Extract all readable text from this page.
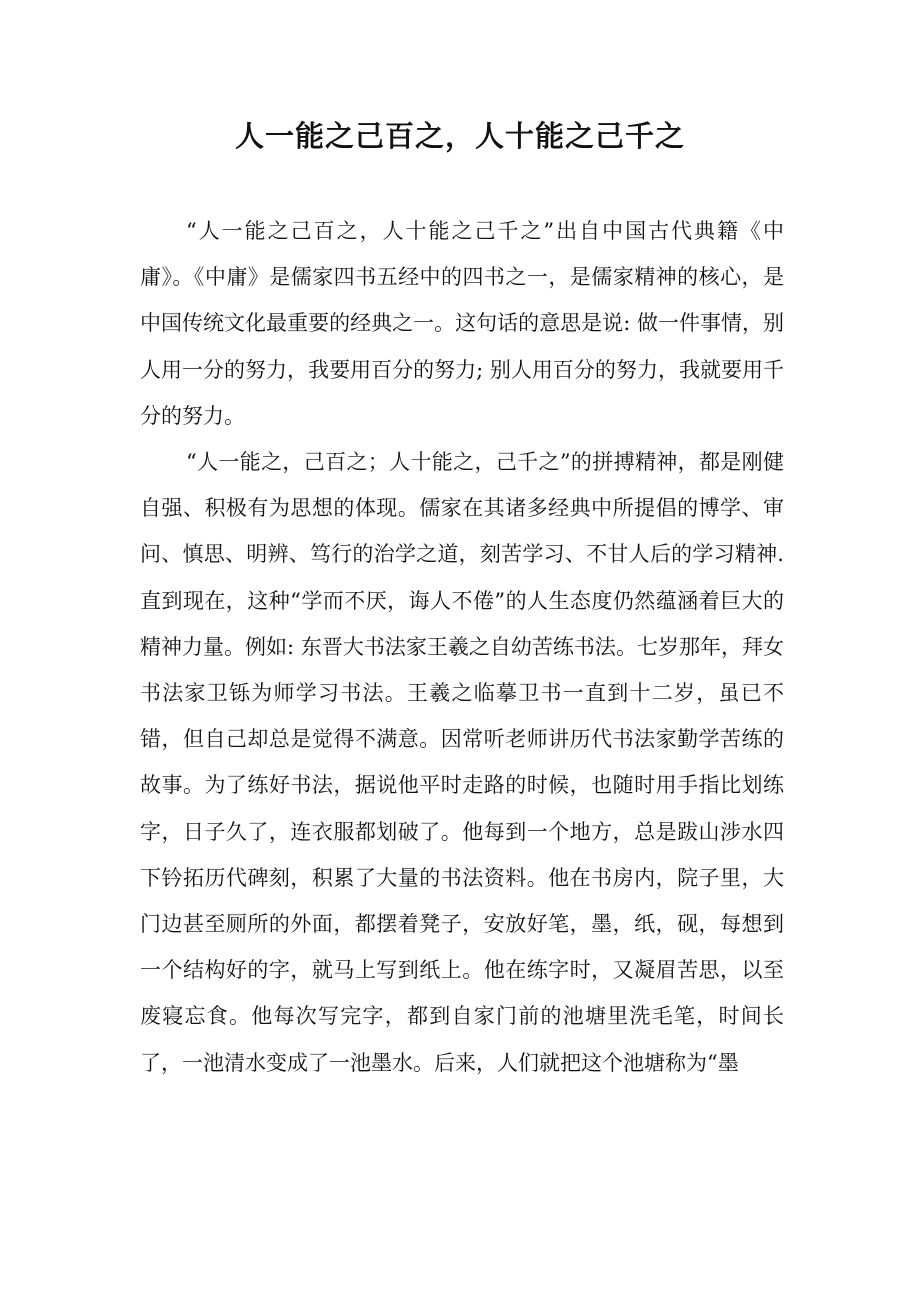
人一能之己百之，人十能之己千之

“人一能之己百之，人十能之己千之”出自中国古代典籍《中庸》。《中庸》是儒家四书五经中的四书之一，是儒家精神的核心，是中国传统文化最重要的经典之一。这句话的意思是说: 做一件事情，别人用一分的努力，我要用百分的努力; 别人用百分的努力，我就要用千分的努力。

“人一能之，己百之；人十能之，己千之”的拼搏精神，都是刚健自强、积极有为思想的体现。儒家在其诸多经典中所提倡的博学、审问、慎思、明辨、笃行的治学之道，刻苦学习、不甘人后的学习精神. 直到现在，这种“学而不厌，诲人不倦”的人生态度仍然蕴涵着巨大的精神力量。例如: 东晋大书法家王羲之自幼苦练书法。七岁那年，拜女书法家卫铄为师学习书法。王羲之临摹卫书一直到十二岁，虽已不错，但自己却总是觉得不满意。因常听老师讲历代书法家勤学苦练的故事。为了练好书法，据说他平时走路的时候，也随时用手指比划练字，日子久了，连衣服都划破了。他每到一个地方，总是跋山涉水四下钤拓历代碑刻，积累了大量的书法资料。他在书房内，院子里，大门边甚至厕所的外面，都摆着凳子，安放好笔，墨，纸，砚，每想到一个结构好的字，就马上写到纸上。他在练字时，又凝眉苦思，以至废寝忘食。他每次写完字，都到自家门前的池塘里洗毛笔，时间长了，一池清水变成了一池墨水。后来，人们就把这个池塘称为“墨
